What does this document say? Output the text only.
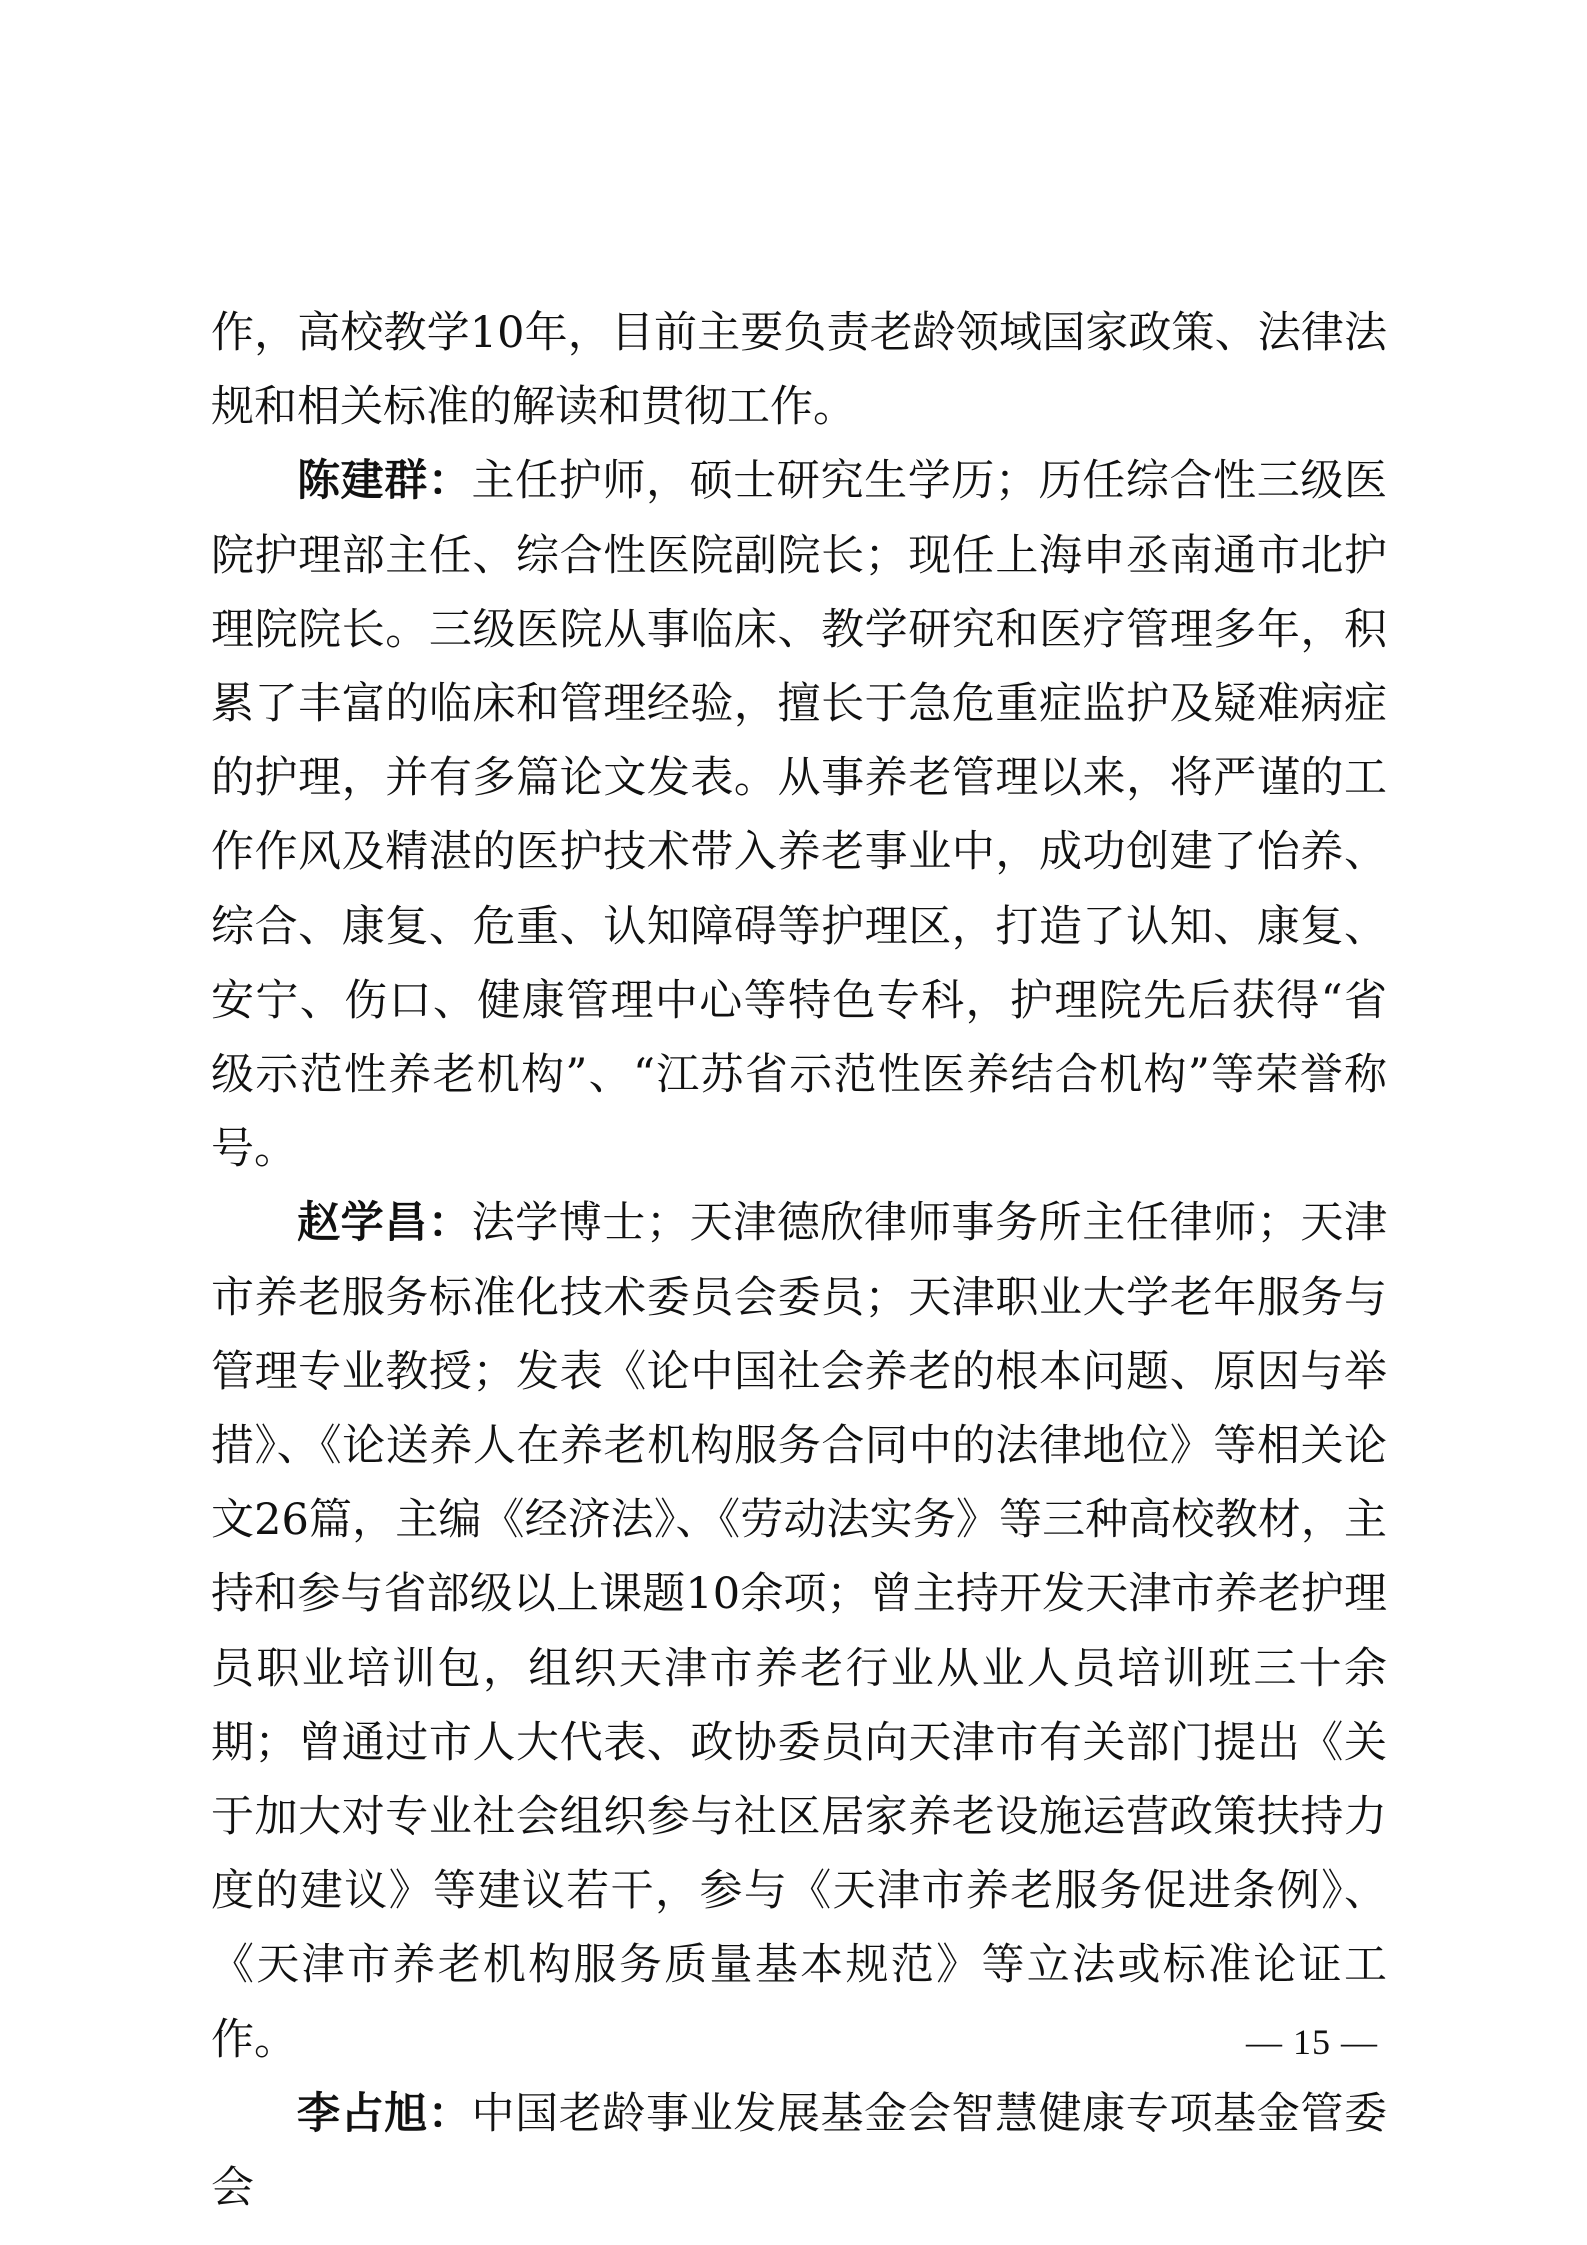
作，高校教学10年，目前主要负责老龄领域国家政策、法律法规和相关标准的解读和贯彻工作。

陈建群：主任护师，硕士研究生学历；历任综合性三级医院护理部主任、综合性医院副院长；现任上海申丞南通市北护理院院长。三级医院从事临床、教学研究和医疗管理多年，积累了丰富的临床和管理经验，擅长于急危重症监护及疑难病症的护理，并有多篇论文发表。从事养老管理以来，将严谨的工作作风及精湛的医护技术带入养老事业中，成功创建了怡养、综合、康复、危重、认知障碍等护理区，打造了认知、康复、安宁、伤口、健康管理中心等特色专科，护理院先后获得“省级示范性养老机构”、“江苏省示范性医养结合机构”等荣誉称号。

赵学昌：法学博士；天津德欣律师事务所主任律师；天津市养老服务标准化技术委员会委员；天津职业大学老年服务与管理专业教授；发表《论中国社会养老的根本问题、原因与举措》、《论送养人在养老机构服务合同中的法律地位》等相关论文26篇，主编《经济法》、《劳动法实务》等三种高校教材，主持和参与省部级以上课题10余项；曾主持开发天津市养老护理员职业培训包，组织天津市养老行业从业人员培训班三十余期；曾通过市人大代表、政协委员向天津市有关部门提出《关于加大对专业社会组织参与社区居家养老设施运营政策扶持力度的建议》等建议若干，参与《天津市养老服务促进条例》、《天津市养老机构服务质量基本规范》等立法或标准论证工作。

李占旭：中国老龄事业发展基金会智慧健康专项基金管委会

— 15 —
